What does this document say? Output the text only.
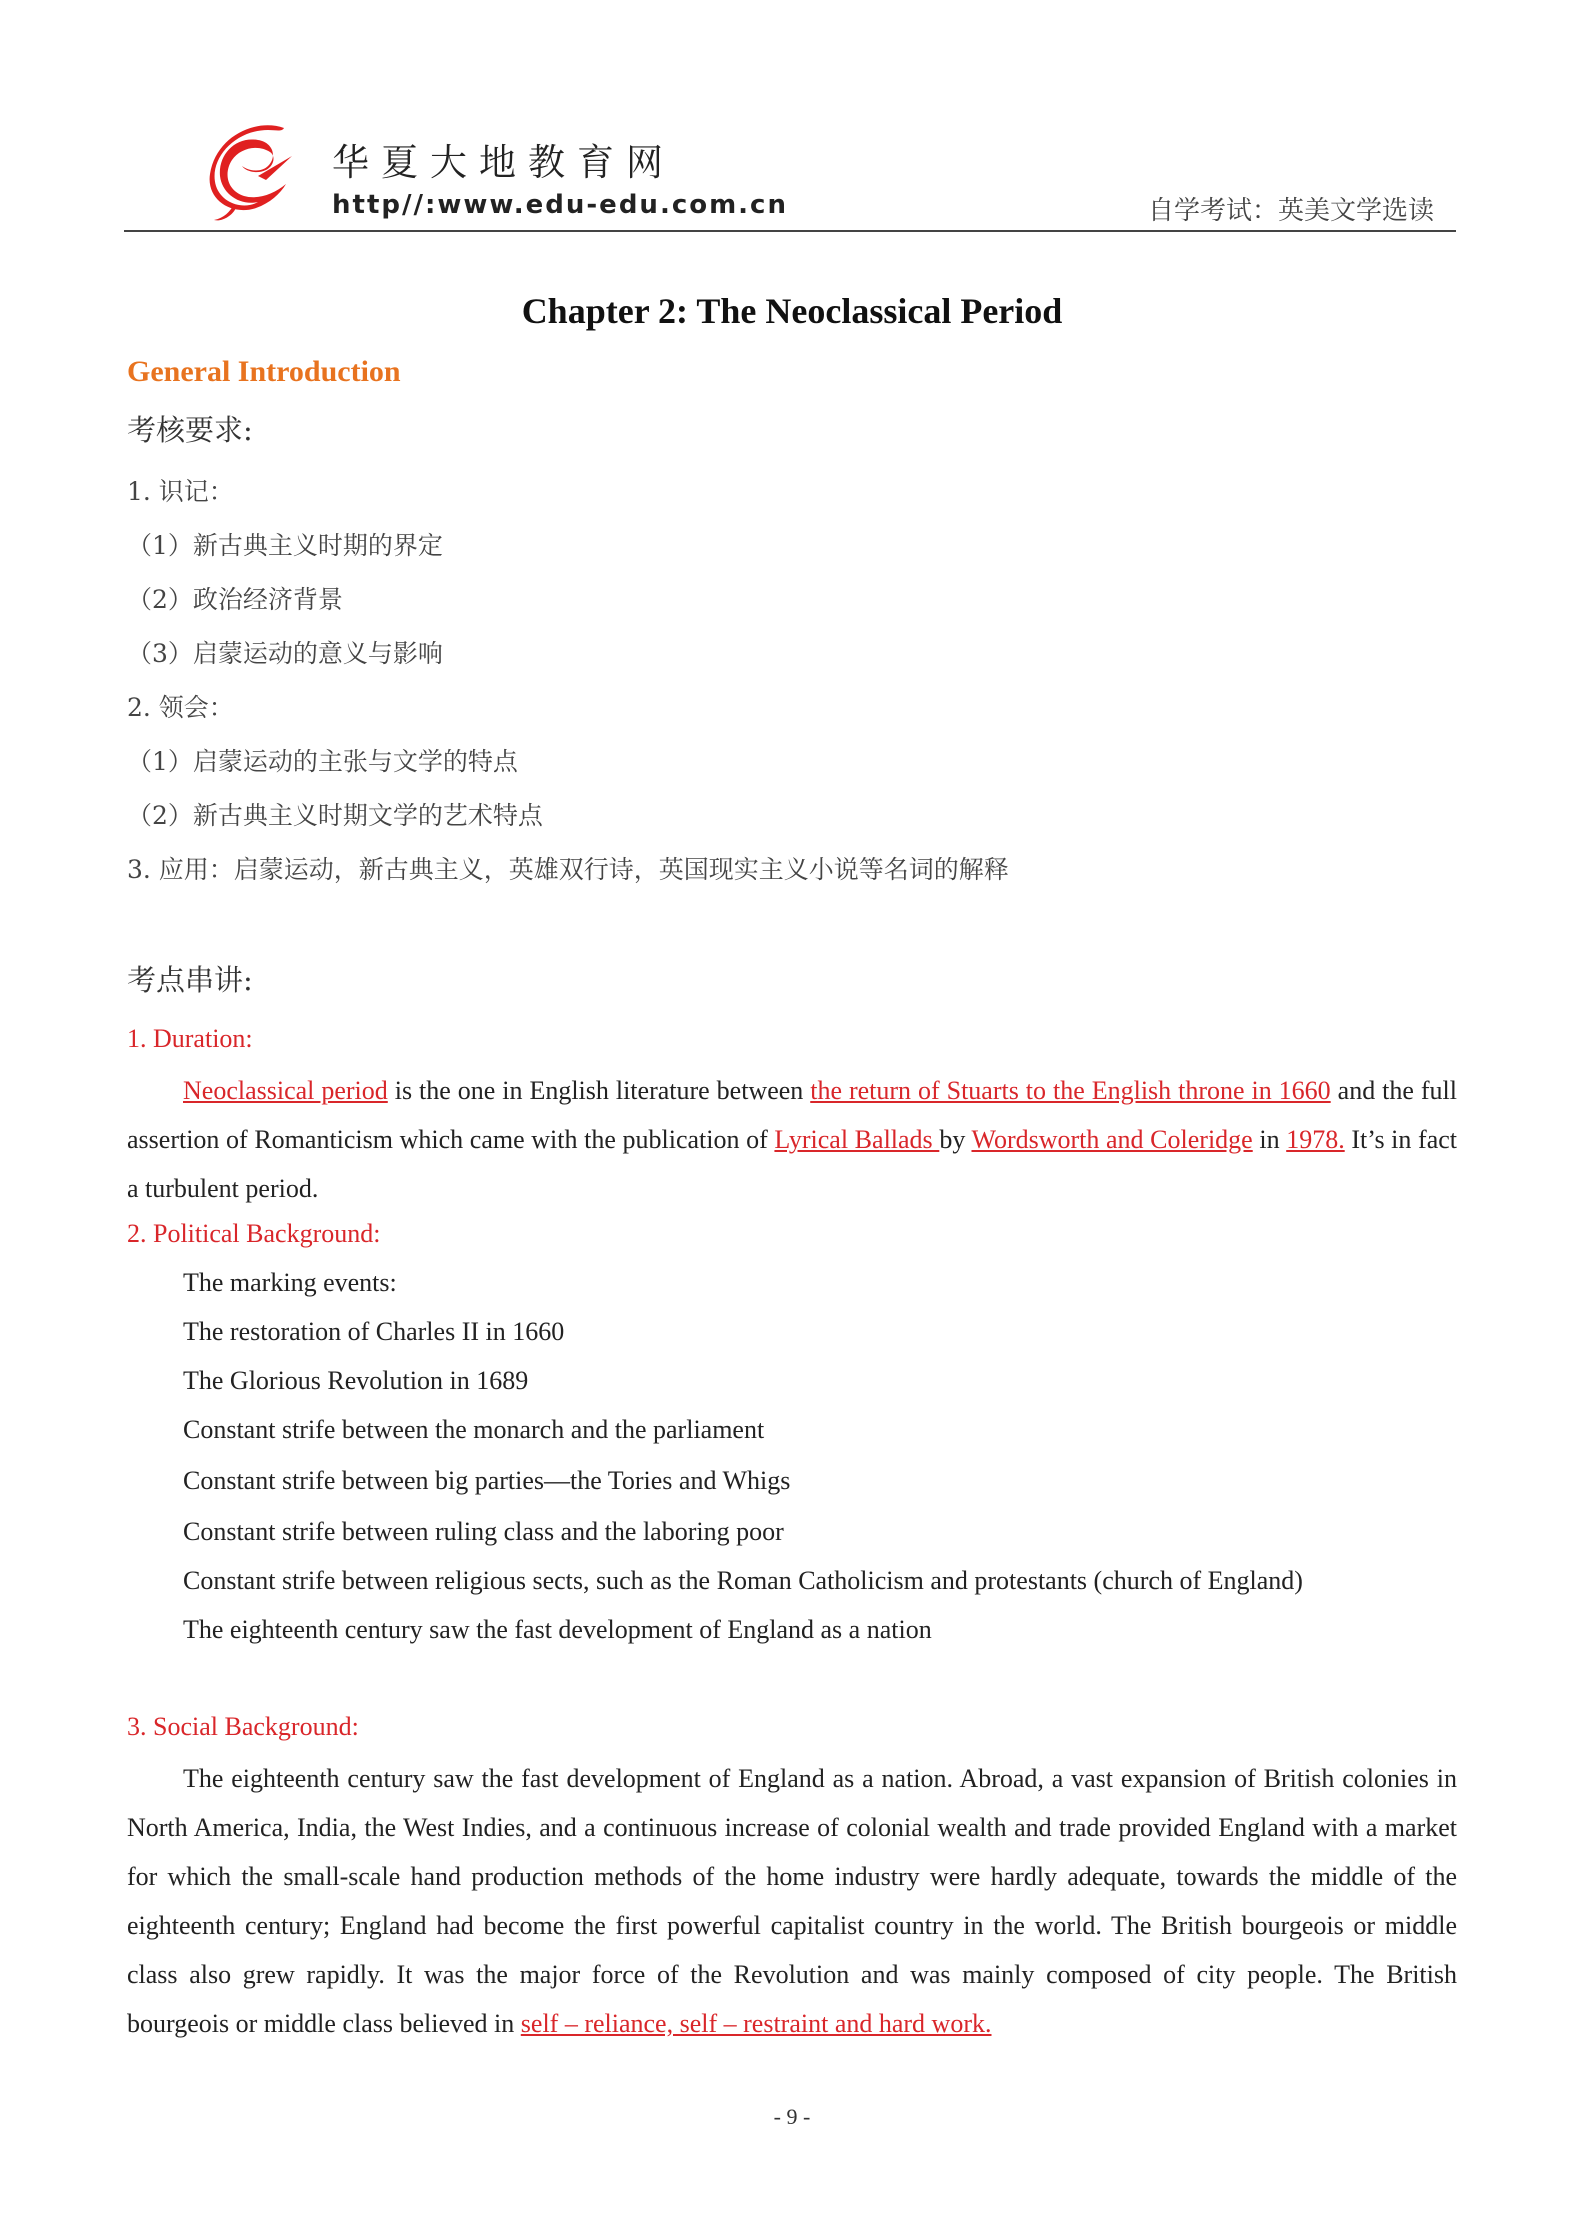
华夏大地教育网
http//:www.edu-edu.com.cn	自学考试：英美文学选读
Chapter 2: The Neoclassical Period
General Introduction
考核要求:
1. 识记：
（1）新古典主义时期的界定
（2）政治经济背景
（3）启蒙运动的意义与影响
2. 领会：
（1）启蒙运动的主张与文学的特点
（2）新古典主义时期文学的艺术特点
3. 应用：启蒙运动，新古典主义，英雄双行诗，英国现实主义小说等名词的解释
考点串讲:
1. Duration:
Neoclassical period is the one in English literature between the return of Stuarts to the English throne in 1660 and the full assertion of Romanticism which came with the publication of Lyrical Ballads by Wordsworth and Coleridge in 1978. It’s in fact a turbulent period.
2. Political Background:
The marking events:
The restoration of Charles II in 1660
The Glorious Revolution in 1689
Constant strife between the monarch and the parliament
Constant strife between big parties—the Tories and Whigs
Constant strife between ruling class and the laboring poor
Constant strife between religious sects, such as the Roman Catholicism and protestants (church of England)
The eighteenth century saw the fast development of England as a nation
3. Social Background:
The eighteenth century saw the fast development of England as a nation. Abroad, a vast expansion of British colonies in North America, India, the West Indies, and a continuous increase of colonial wealth and trade provided England with a market for which the small-scale hand production methods of the home industry were hardly adequate, towards the middle of the eighteenth century; England had become the first powerful capitalist country in the world. The British bourgeois or middle class also grew rapidly. It was the major force of the Revolution and was mainly composed of city people. The British bourgeois or middle class believed in self – reliance, self – restraint and hard work.
- 9 -
